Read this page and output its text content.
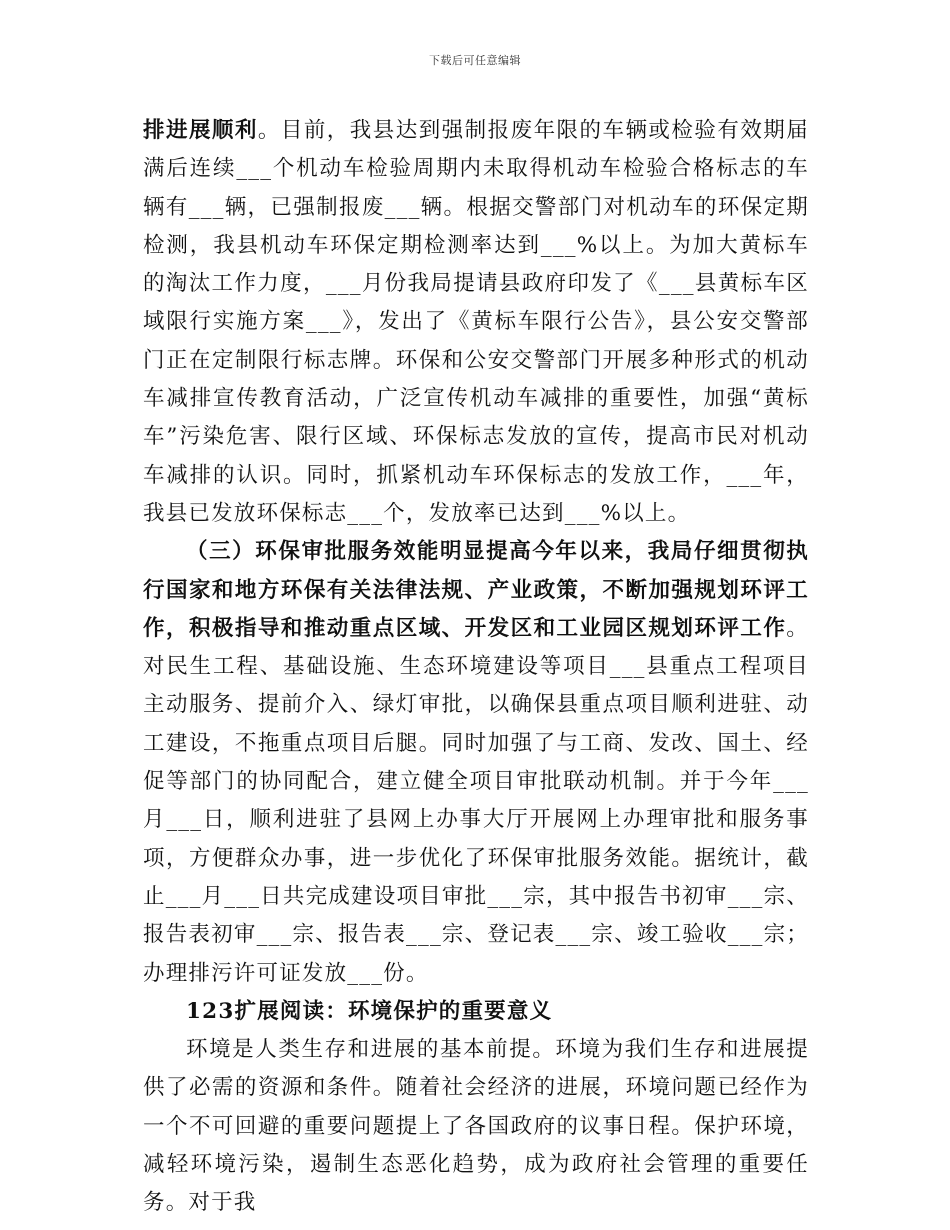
下载后可任意编辑

排进展顺利。目前，我县达到强制报废年限的车辆或检验有效期届满后连续___个机动车检验周期内未取得机动车检验合格标志的车辆有___辆，已强制报废___辆。根据交警部门对机动车的环保定期检测，我县机动车环保定期检测率达到___%以上。为加大黄标车的淘汰工作力度，___月份我局提请县政府印发了《___县黄标车区域限行实施方案___》，发出了《黄标车限行公告》，县公安交警部门正在定制限行标志牌。环保和公安交警部门开展多种形式的机动车减排宣传教育活动，广泛宣传机动车减排的重要性，加强“黄标车”污染危害、限行区域、环保标志发放的宣传，提高市民对机动车减排的认识。同时，抓紧机动车环保标志的发放工作，___年，我县已发放环保标志___个，发放率已达到___%以上。

（三）环保审批服务效能明显提高今年以来，我局仔细贯彻执行国家和地方环保有关法律法规、产业政策，不断加强规划环评工作，积极指导和推动重点区域、开发区和工业园区规划环评工作。对民生工程、基础设施、生态环境建设等项目___县重点工程项目主动服务、提前介入、绿灯审批，以确保县重点项目顺利进驻、动工建设，不拖重点项目后腿。同时加强了与工商、发改、国土、经促等部门的协同配合，建立健全项目审批联动机制。并于今年___月___日，顺利进驻了县网上办事大厅开展网上办理审批和服务事项，方便群众办事，进一步优化了环保审批服务效能。据统计，截止___月___日共完成建设项目审批___宗，其中报告书初审___宗、报告表初审___宗、报告表___宗、登记表___宗、竣工验收___宗；办理排污许可证发放___份。

123扩展阅读：环境保护的重要意义

环境是人类生存和进展的基本前提。环境为我们生存和进展提供了必需的资源和条件。随着社会经济的进展，环境问题已经作为一个不可回避的重要问题提上了各国政府的议事日程。保护环境，减轻环境污染，遏制生态恶化趋势，成为政府社会管理的重要任务。对于我
